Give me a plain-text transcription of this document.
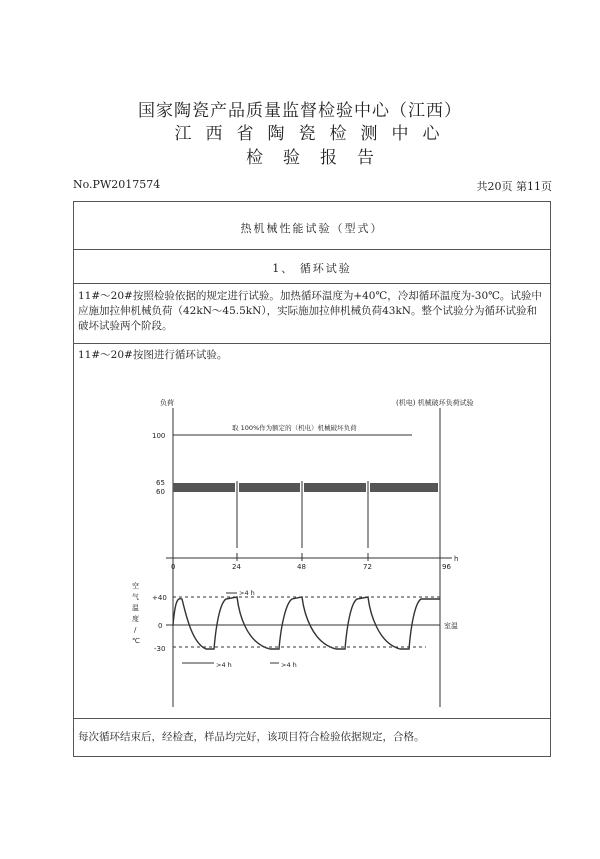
国家陶瓷产品质量监督检验中心（江西）
江西省陶瓷检测中心
检验报告
No.PW2017574	共20页 第11页
热机械性能试验（型式）
1、 循环试验
11#～20#按照检验依据的规定进行试验。加热循环温度为+40℃，冷却循环温度为-30℃。试验中应施加拉伸机械负荷（42kN～45.5kN），实际施加拉伸机械负荷43kN。整个试验分为循环试验和破坏试验两个阶段。
11#～20#按图进行循环试验。
负荷	(机电) 机械破坏负荷试验
取 100%作为额定的（机电）机械破坏负荷
100
65
60
0	24	48	72	96
h
空
气
温
度
/
℃
+40
0
-30
室温
>4 h
>4 h	>4 h
每次循环结束后，经检查，样品均完好，该项目符合检验依据规定，合格。
